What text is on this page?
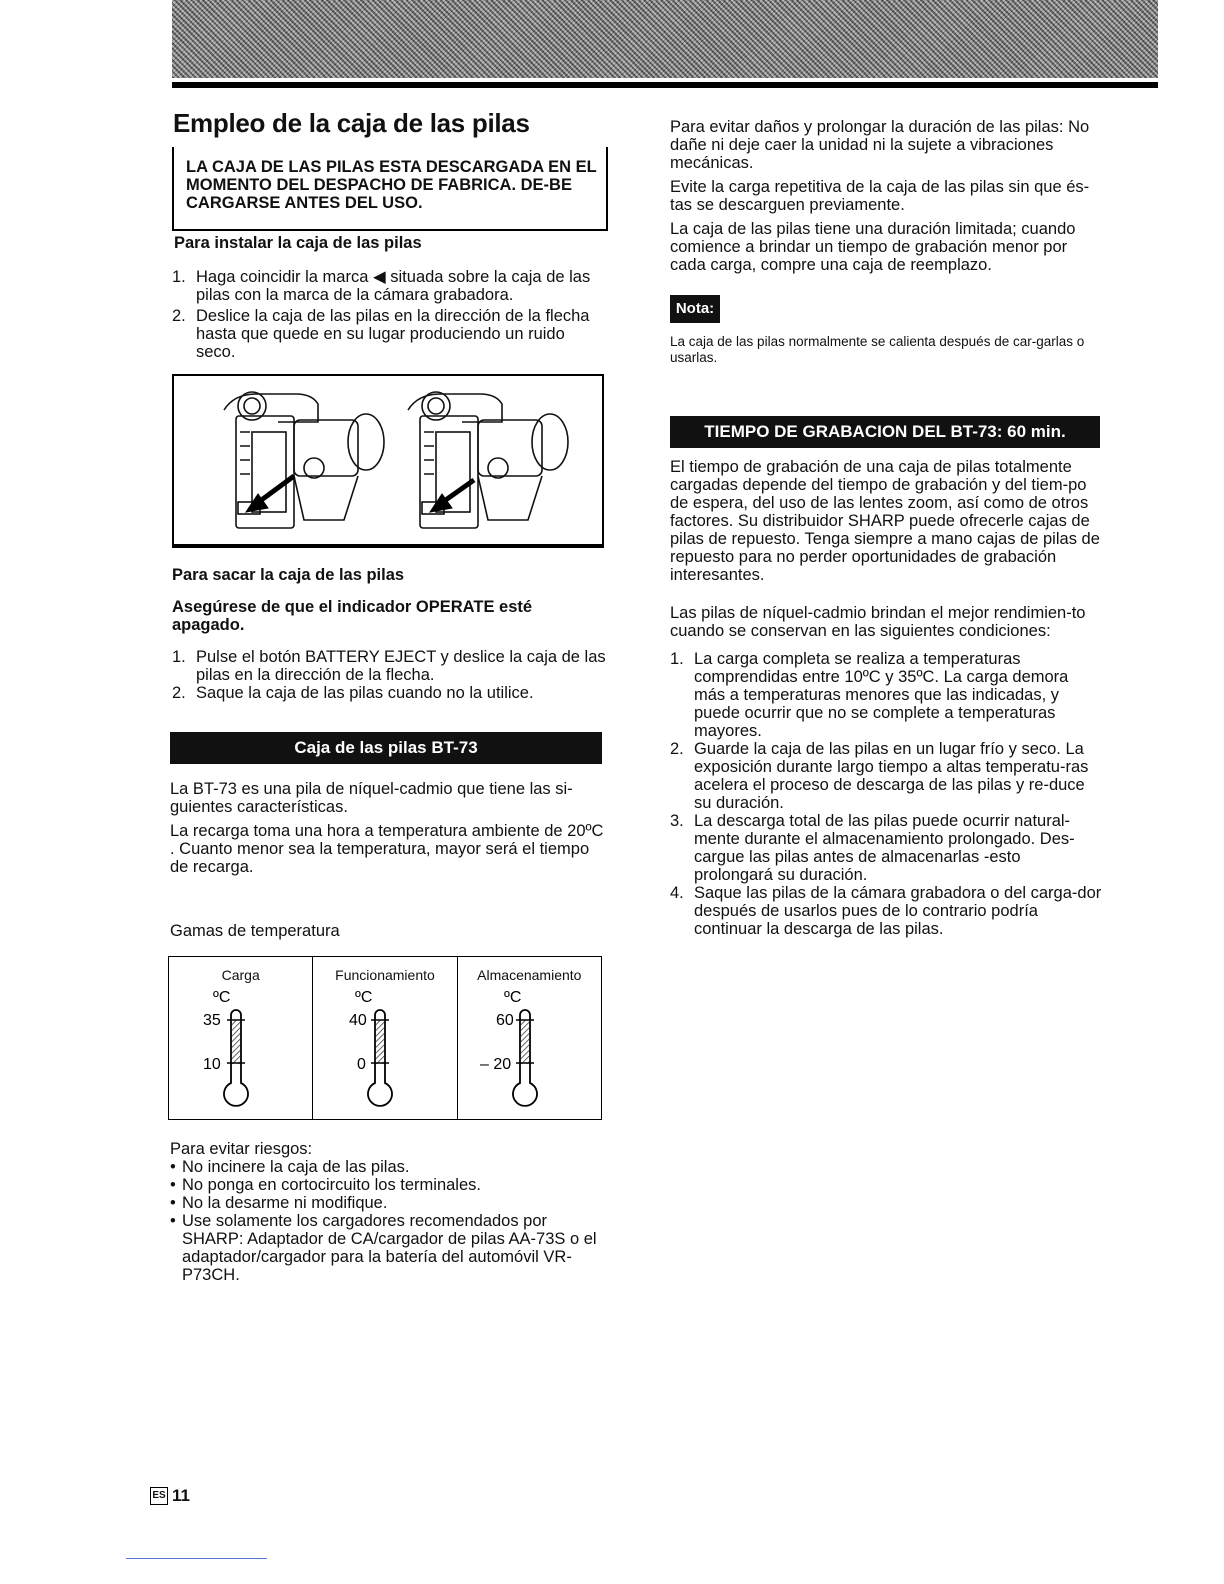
Empleo de la caja de las pilas
LA CAJA DE LAS PILAS ESTA DESCARGADA EN EL MOMENTO DEL DESPACHO DE FABRICA. DE-BE CARGARSE ANTES DEL USO.
Para instalar la caja de las pilas
1. Haga coincidir la marca ◀ situada sobre la caja de las pilas con la marca de la cámara grabadora.
2. Deslice la caja de las pilas en la dirección de la flecha hasta que quede en su lugar produciendo un ruido seco.
Para sacar la caja de las pilas
Asegúrese de que el indicador OPERATE esté apagado.
1. Pulse el botón BATTERY EJECT y deslice la caja de las pilas en la dirección de la flecha.
2. Saque la caja de las pilas cuando no la utilice.
Caja de las pilas BT-73

La BT-73 es una pila de níquel-cadmio que tiene las si-guientes características.

La recarga toma una hora a temperatura ambiente de 20ºC . Cuanto menor sea la temperatura, mayor será el tiempo de recarga.

Gamas de temperatura
Carga
ºC
35
10
Funcionamiento
ºC
40
0
Almacenamiento
ºC
60
– 20

Para evitar riesgos:

• No incinere la caja de las pilas.
• No ponga en cortocircuito los terminales.
• No la desarme ni modifique.
• Use solamente los cargadores recomendados por SHARP: Adaptador de CA/cargador de pilas AA-73S o el adaptador/cargador para la batería del automóvil VR-P73CH.

Para evitar daños y prolongar la duración de las pilas: No dañe ni deje caer la unidad ni la sujete a vibraciones mecánicas.

Evite la carga repetitiva de la caja de las pilas sin que és-tas se descarguen previamente.

La caja de las pilas tiene una duración limitada; cuando comience a brindar un tiempo de grabación menor por cada carga, compre una caja de reemplazo.

Nota:
La caja de las pilas normalmente se calienta después de car-garlas o usarlas.
TIEMPO DE GRABACION DEL BT-73: 60 min.

El tiempo de grabación de una caja de pilas totalmente cargadas depende del tiempo de grabación y del tiem-po de espera, del uso de las lentes zoom, así como de otros factores. Su distribuidor SHARP puede ofrecerle cajas de pilas de repuesto. Tenga siempre a mano cajas de pilas de repuesto para no perder oportunidades de grabación interesantes.

Las pilas de níquel-cadmio brindan el mejor rendimien-to cuando se conservan en las siguientes condiciones:

1. La carga completa se realiza a temperaturas comprendidas entre 10ºC y 35ºC. La carga demora más a temperaturas menores que las indicadas, y puede ocurrir que no se complete a temperaturas mayores.
2. Guarde la caja de las pilas en un lugar frío y seco. La exposición durante largo tiempo a altas temperatu-ras acelera el proceso de descarga de las pilas y re-duce su duración.
3. La descarga total de las pilas puede ocurrir natural-mente durante el almacenamiento prolongado. Des-cargue las pilas antes de almacenarlas -esto prolongará su duración.
4. Saque las pilas de la cámara grabadora o del carga-dor después de usarlos pues de lo contrario podría continuar la descarga de las pilas.
ES 11
